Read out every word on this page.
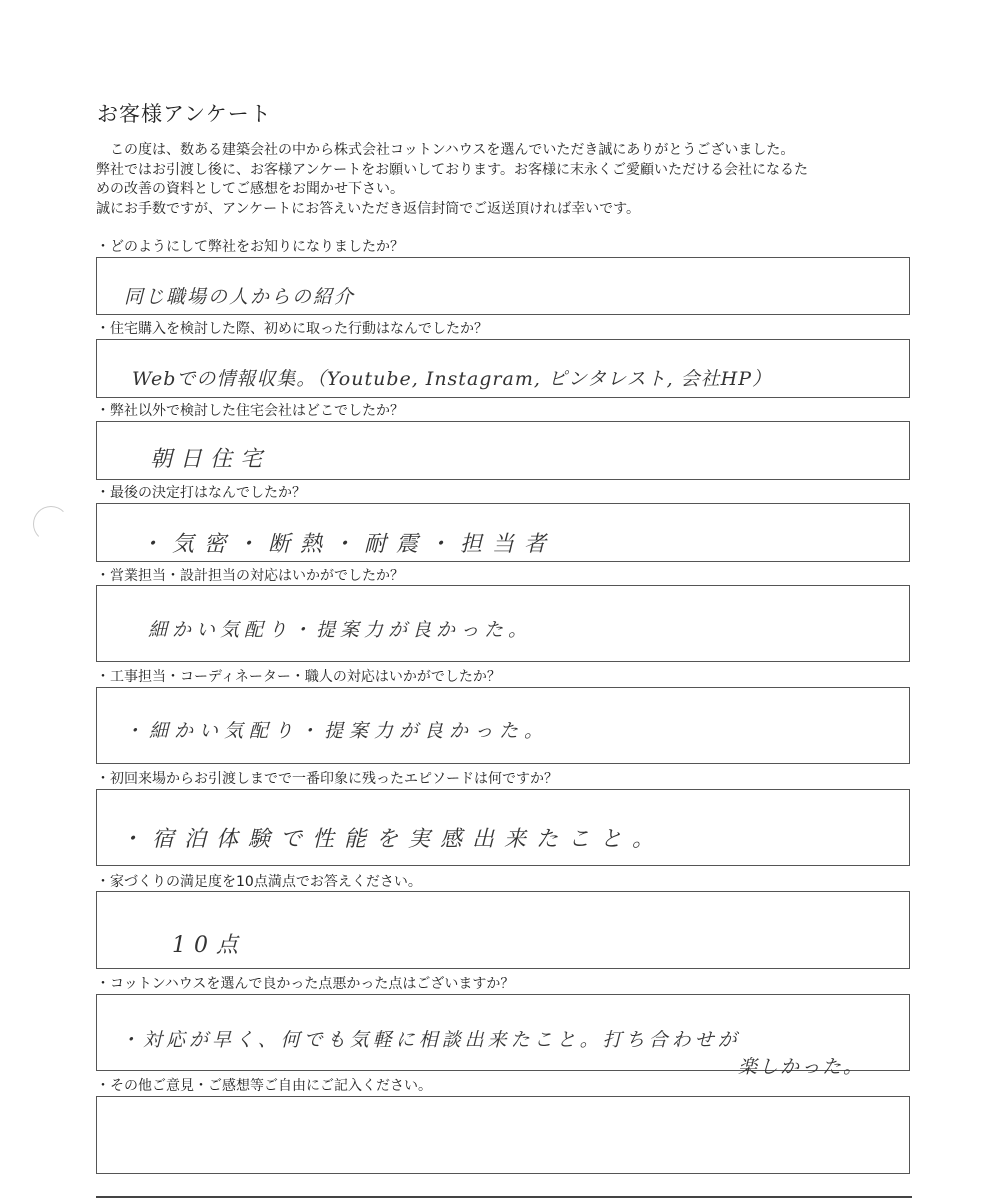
お客様アンケート
この度は、数ある建築会社の中から株式会社コットンハウスを選んでいただき誠にありがとうございました。
弊社ではお引渡し後に、お客様アンケートをお願いしております。お客様に末永くご愛顧いただける会社になるた
めの改善の資料としてご感想をお聞かせ下さい。
誠にお手数ですが、アンケートにお答えいただき返信封筒でご返送頂ければ幸いです。
・どのようにして弊社をお知りになりましたか？
同じ職場の人からの紹介
・住宅購入を検討した際、初めに取った行動はなんでしたか？
Webでの情報収集。（Youtube, Instagram, ピンタレスト, 会社HP）
・弊社以外で検討した住宅会社はどこでしたか？
朝日住宅
・最後の決定打はなんでしたか？
・気密・断熱・耐震・担当者
・営業担当・設計担当の対応はいかがでしたか？
細かい気配り・提案力が良かった。
・工事担当・コーディネーター・職人の対応はいかがでしたか？
・細かい気配り・提案力が良かった。
・初回来場からお引渡しまでで一番印象に残ったエピソードは何ですか？
・宿泊体験で性能を実感出来たこと。
・家づくりの満足度を10点満点でお答えください。
10点
・コットンハウスを選んで良かった点悪かった点はございますか？
・対応が早く、何でも気軽に相談出来たこと。打ち合わせが
楽しかった。
・その他ご意見・ご感想等ご自由にご記入ください。
